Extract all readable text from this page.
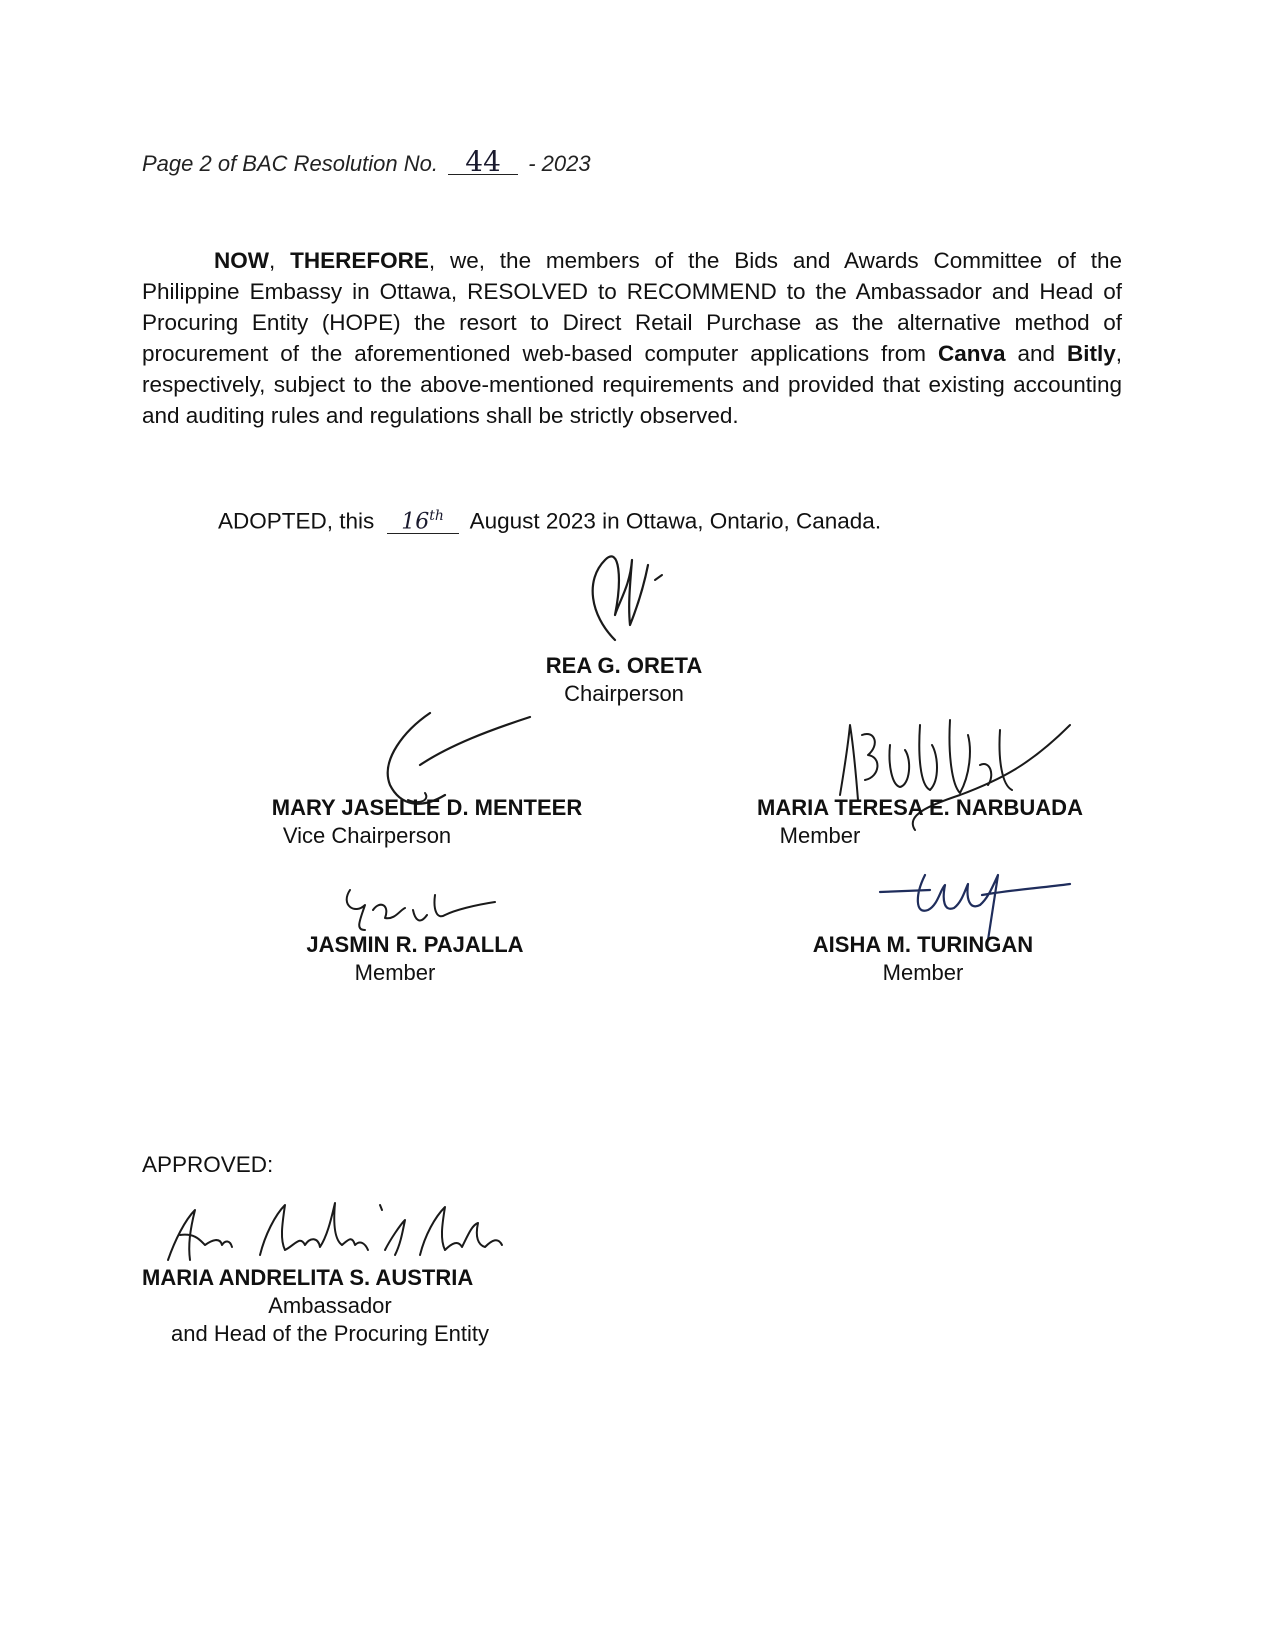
Page 2 of BAC Resolution No. 44 - 2023
NOW, THEREFORE, we, the members of the Bids and Awards Committee of the Philippine Embassy in Ottawa, RESOLVED to RECOMMEND to the Ambassador and Head of Procuring Entity (HOPE) the resort to Direct Retail Purchase as the alternative method of procurement of the aforementioned web-based computer applications from Canva and Bitly, respectively, subject to the above-mentioned requirements and provided that existing accounting and auditing rules and regulations shall be strictly observed.
ADOPTED, this 16th August 2023 in Ottawa, Ontario, Canada.
REA G. ORETA
Chairperson
MARY JASELLE D. MENTEER
Vice Chairperson
MARIA TERESA E. NARBUADA
Member
JASMIN R. PAJALLA
Member
AISHA M. TURINGAN
Member
APPROVED:
MARIA ANDRELITA S. AUSTRIA
Ambassador
and Head of the Procuring Entity
